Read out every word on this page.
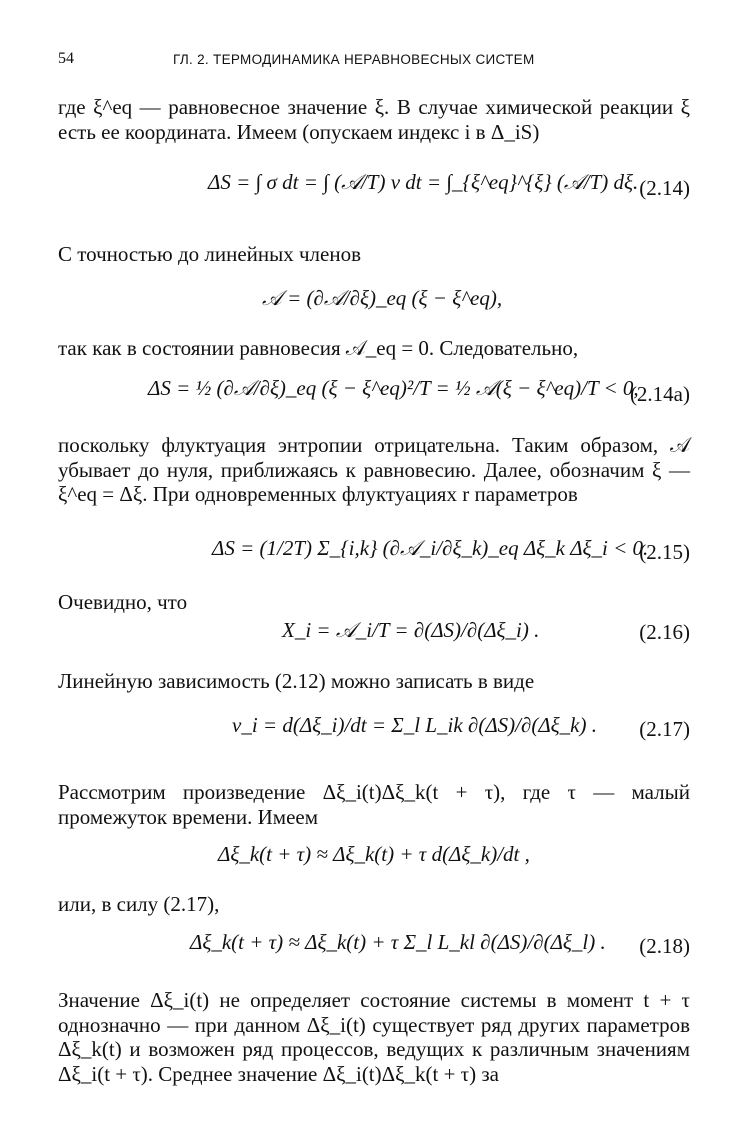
54	ГЛ. 2. ТЕРМОДИНАМИКА НЕРАВНОВЕСНЫХ СИСТЕМ
где ξ^eq — равновесное значение ξ. В случае химической реакции ξ есть ее координата. Имеем (опускаем индекс i в Δ_iS)
ΔS = ∫ σ dt = ∫ (𝒜/T) v dt = ∫_{ξ^eq}^{ξ} (𝒜/T) dξ. (2.14)
С точностью до линейных членов
𝒜 = (∂𝒜/∂ξ)_eq (ξ − ξ^eq),
так как в состоянии равновесия 𝒜_eq = 0. Следовательно,
ΔS = ½ (∂𝒜/∂ξ)_eq (ξ − ξ^eq)²/T = ½ 𝒜(ξ − ξ^eq)/T < 0,
(2.14a)
поскольку флуктуация энтропии отрицательна. Таким образом, 𝒜 убывает до нуля, приближаясь к равновесию. Далее, обозначим ξ — ξ^eq = Δξ. При одновременных флуктуациях r параметров
ΔS = (1/2T) Σ_{i,k} (∂𝒜_i/∂ξ_k)_eq Δξ_k Δξ_i < 0.
(2.15)
Очевидно, что
X_i = 𝒜_i/T = ∂(ΔS)/∂(Δξ_i) .	(2.16)
Линейную зависимость (2.12) можно записать в виде
v_i = d(Δξ_i)/dt = Σ_l L_ik ∂(ΔS)/∂(Δξ_k) . (2.17)
Рассмотрим произведение Δξ_i(t)Δξ_k(t + τ), где τ — малый промежуток времени. Имеем
Δξ_k(t + τ) ≈ Δξ_k(t) + τ d(Δξ_k)/dt ,
или, в силу (2.17),
Δξ_k(t + τ) ≈ Δξ_k(t) + τ Σ_l L_kl ∂(ΔS)/∂(Δξ_l) . (2.18)
Значение Δξ_i(t) не определяет состояние системы в момент t + τ однозначно — при данном Δξ_i(t) существует ряд других параметров Δξ_k(t) и возможен ряд процессов, ведущих к различным значениям Δξ_i(t + τ). Среднее значение Δξ_i(t)Δξ_k(t + τ) за
